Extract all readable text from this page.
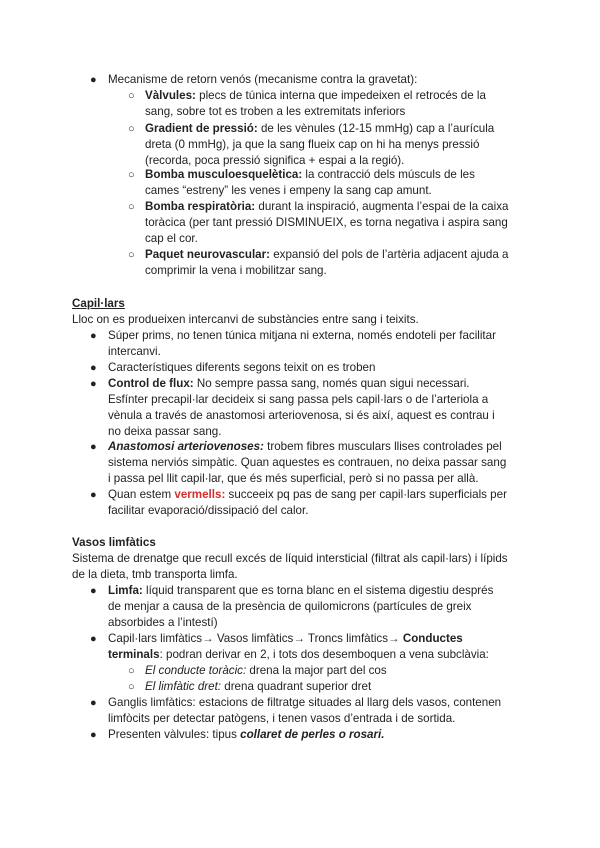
● Mecanisme de retorn venós (mecanisme contra la gravetat):
○ Vàlvules: plecs de túnica interna que impedeixen el retrocés de la
sang, sobre tot es troben a les extremitats inferiors
○ Gradient de pressió: de les vènules (12-15 mmHg) cap a l’aurícula
dreta (0 mmHg), ja que la sang flueix cap on hi ha menys pressió
(recorda, poca pressió significa + espai a la regió).
○ Bomba musculoesquelètica: la contracció dels músculs de les
cames “estreny” les venes i empeny la sang cap amunt.
○ Bomba respiratòria: durant la inspiració, augmenta l’espai de la caixa
toràcica (per tant pressió DISMINUEIX, es torna negativa i aspira sang
cap el cor.
○ Paquet neurovascular: expansió del pols de l’artèria adjacent ajuda a
comprimir la vena i mobilitzar sang.
Capil·lars
Lloc on es produeixen intercanvi de substàncies entre sang i teixits.
● Súper prims, no tenen túnica mitjana ni externa, només endoteli per facilitar
intercanvi.
● Característiques diferents segons teixit on es troben
● Control de flux: No sempre passa sang, només quan sigui necessari.
Esfínter precapil·lar decideix si sang passa pels capil·lars o de l’arteriola a
vènula a través de anastomosi arteriovenosa, si és així, aquest es contrau i
no deixa passar sang.
● Anastomosi arteriovenoses: trobem fibres musculars llises controlades pel
sistema nerviós simpàtic. Quan aquestes es contrauen, no deixa passar sang
i passa pel llit capil·lar, que és més superficial, però si no passa per allà.
● Quan estem vermells: succeeix pq pas de sang per capil·lars superficials per
facilitar evaporació/dissipació del calor.
Vasos limfàtics
Sistema de drenatge que recull excés de líquid intersticial (filtrat als capil·lars) i lípids
de la dieta, tmb transporta limfa.
● Limfa: líquid transparent que es torna blanc en el sistema digestiu després
de menjar a causa de la presència de quilomicrons (partícules de greix
absorbides a l’intestí)
● Capil·lars limfàtics→ Vasos limfàtics→ Troncs limfàtics→ Conductes
terminals: podran derivar en 2, i tots dos desemboquen a vena subclàvia:
○ El conducte toràcic: drena la major part del cos
○ El limfàtic dret: drena quadrant superior dret
● Ganglis limfàtics: estacions de filtratge situades al llarg dels vasos, contenen
limfòcits per detectar patògens, i tenen vasos d’entrada i de sortida.
● Presenten vàlvules: tipus collaret de perles o rosari.
